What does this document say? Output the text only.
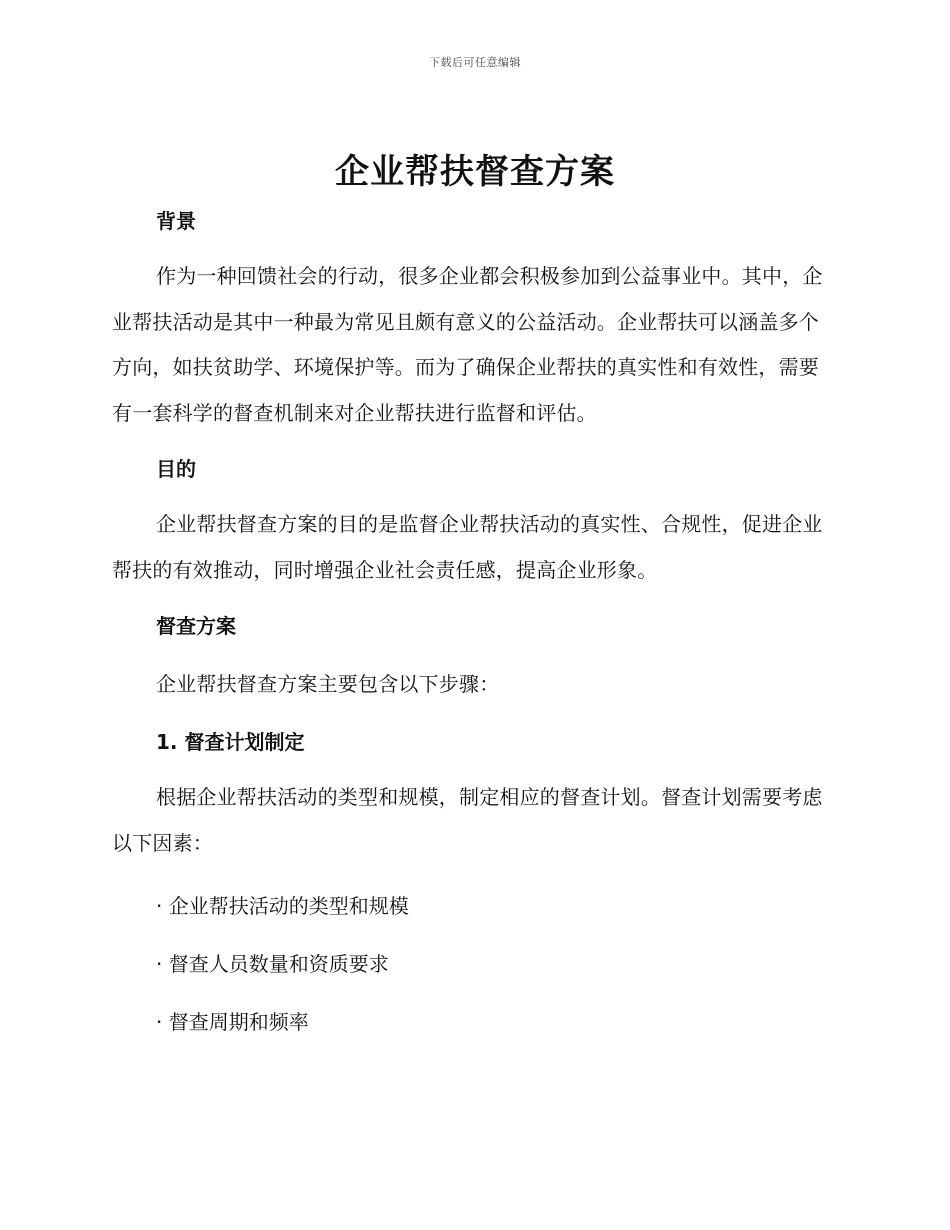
下载后可任意编辑
企业帮扶督查方案
背景

作为一种回馈社会的行动，很多企业都会积极参加到公益事业中。其中，企业帮扶活动是其中一种最为常见且颇有意义的公益活动。企业帮扶可以涵盖多个方向，如扶贫助学、环境保护等。而为了确保企业帮扶的真实性和有效性，需要有一套科学的督查机制来对企业帮扶进行监督和评估。

目的

企业帮扶督查方案的目的是监督企业帮扶活动的真实性、合规性，促进企业帮扶的有效推动，同时增强企业社会责任感，提高企业形象。

督查方案

企业帮扶督查方案主要包含以下步骤：

1. 督查计划制定

根据企业帮扶活动的类型和规模，制定相应的督查计划。督查计划需要考虑以下因素：

· 企业帮扶活动的类型和规模
· 督查人员数量和资质要求
· 督查周期和频率
